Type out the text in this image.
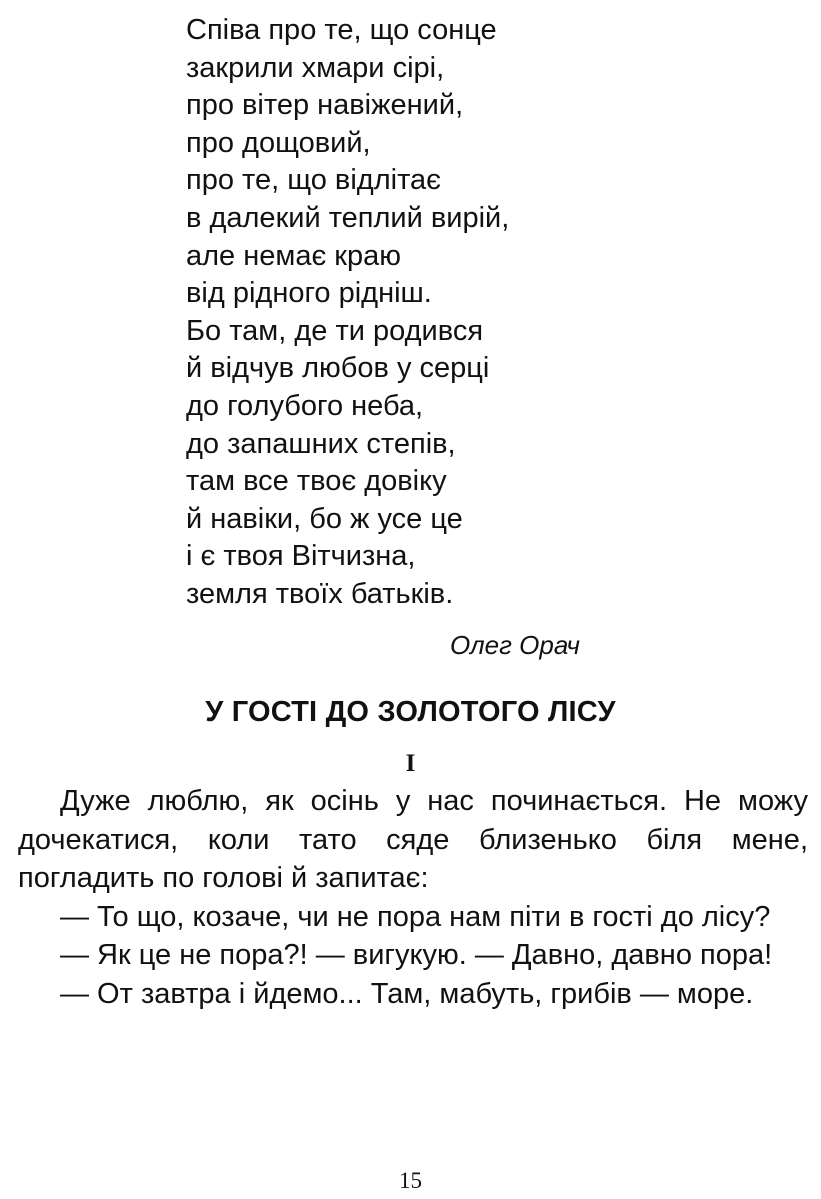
Співа про те, що сонце
закрили хмари сірі,
про вітер навіжений,
про дощовий,
про те, що відлітає
в далекий теплий вирій,
але немає краю
від рідного рідніш.
Бо там, де ти родився
й відчув любов у серці
до голубого неба,
до запашних степів,
там все твоє довіку
й навіки, бо ж усе це
і є твоя Вітчизна,
земля твоїх батьків.
Олег Орач
У ГОСТІ ДО ЗОЛОТОГО ЛІСУ
I

Дуже люблю, як осінь у нас починається. Не можу дочекатися, коли тато сяде близенько біля мене, погладить по голові й запитає:

— То що, козаче, чи не пора нам піти в гості до лісу?

— Як це не пора?! — вигукую. — Давно, давно пора!

— От завтра і йдемо... Там, мабуть, грибів — море.

15
